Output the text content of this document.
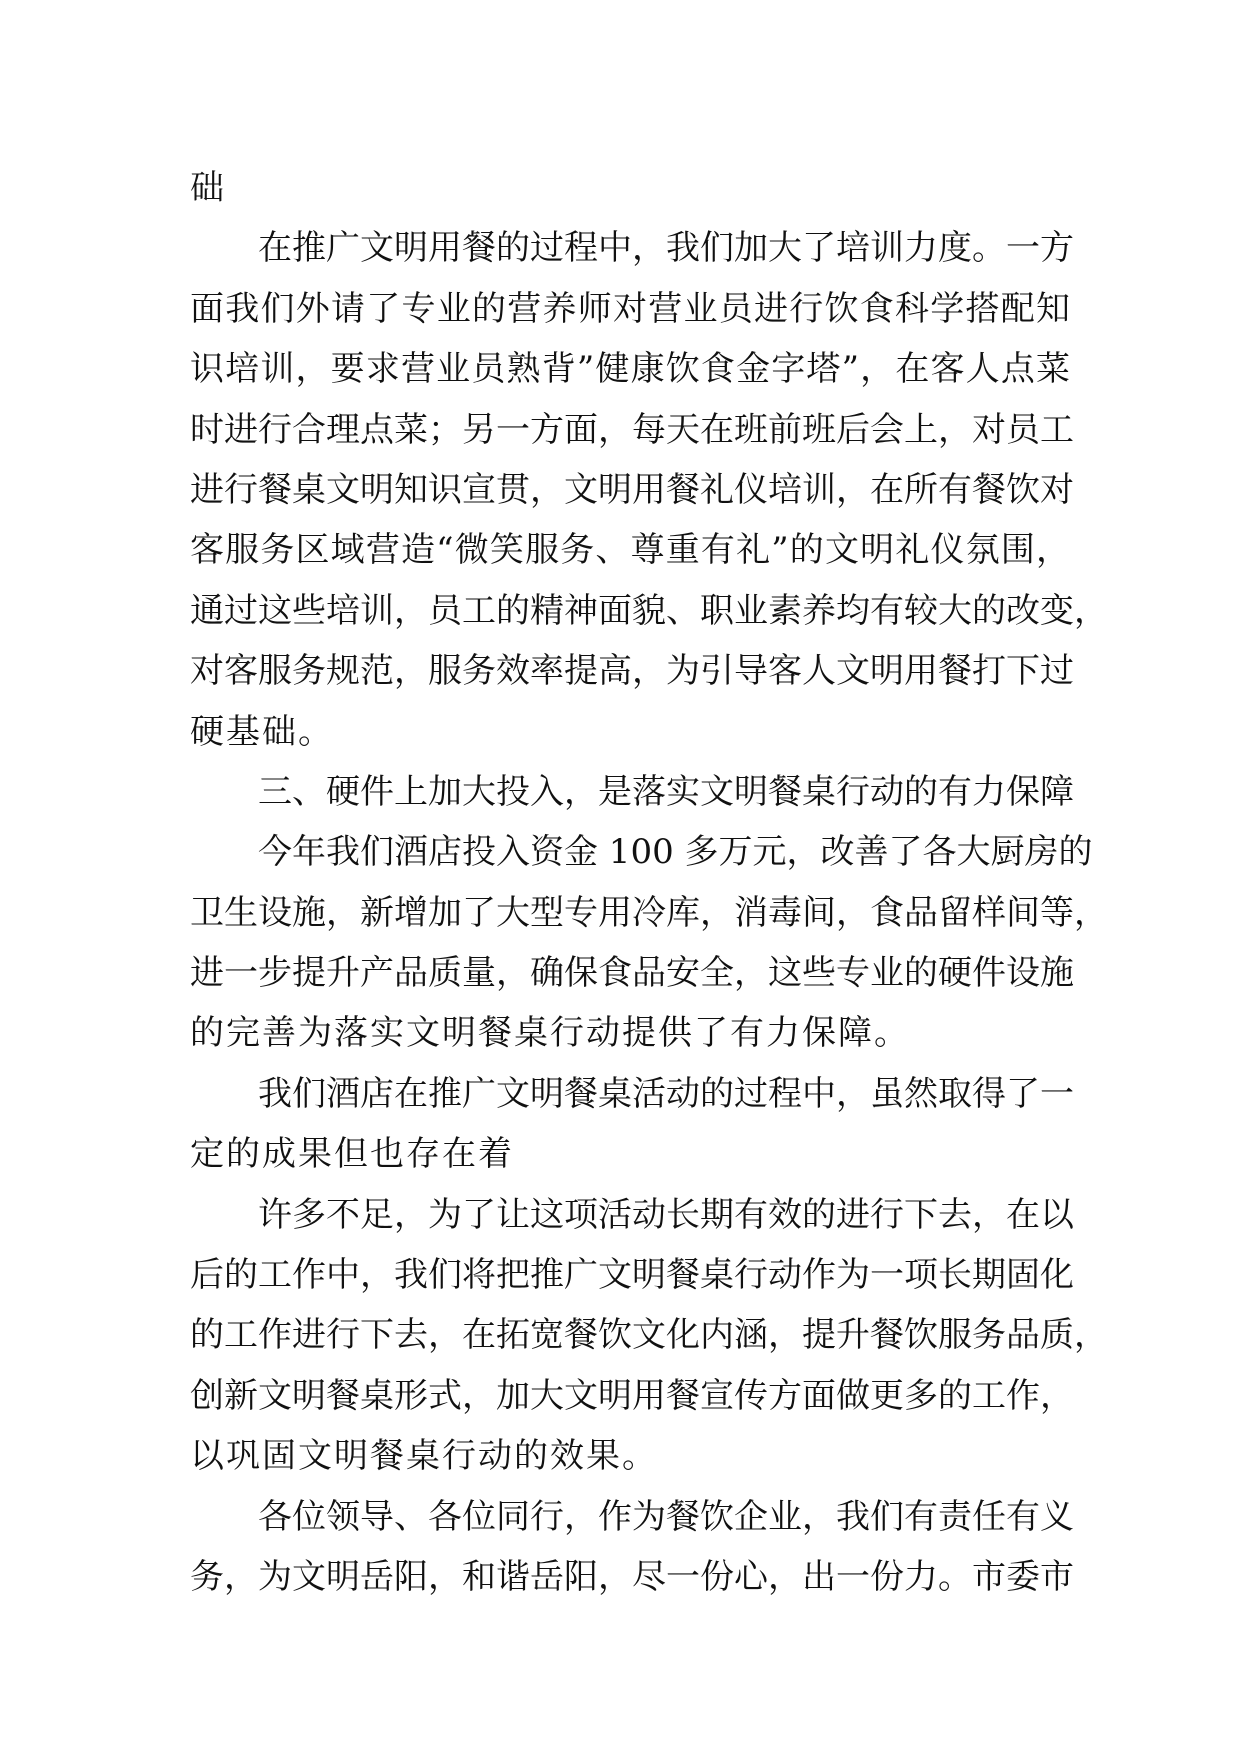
础
在推广文明用餐的过程中，我们加大了培训力度。一方
面我们外请了专业的营养师对营业员进行饮食科学搭配知
识培训，要求营业员熟背”健康饮食金字塔”，在客人点菜
时进行合理点菜；另一方面，每天在班前班后会上，对员工
进行餐桌文明知识宣贯，文明用餐礼仪培训，在所有餐饮对
客服务区域营造“微笑服务、尊重有礼”的文明礼仪氛围，
通过这些培训，员工的精神面貌、职业素养均有较大的改变，
对客服务规范，服务效率提高，为引导客人文明用餐打下过
硬基础。
三、硬件上加大投入，是落实文明餐桌行动的有力保障
今年我们酒店投入资金 100 多万元，改善了各大厨房的
卫生设施，新增加了大型专用冷库，消毒间，食品留样间等，
进一步提升产品质量，确保食品安全，这些专业的硬件设施
的完善为落实文明餐桌行动提供了有力保障。
我们酒店在推广文明餐桌活动的过程中，虽然取得了一
定的成果但也存在着
许多不足，为了让这项活动长期有效的进行下去，在以
后的工作中，我们将把推广文明餐桌行动作为一项长期固化
的工作进行下去，在拓宽餐饮文化内涵，提升餐饮服务品质，
创新文明餐桌形式，加大文明用餐宣传方面做更多的工作，
以巩固文明餐桌行动的效果。
各位领导、各位同行，作为餐饮企业，我们有责任有义
务，为文明岳阳，和谐岳阳，尽一份心，出一份力。市委市
